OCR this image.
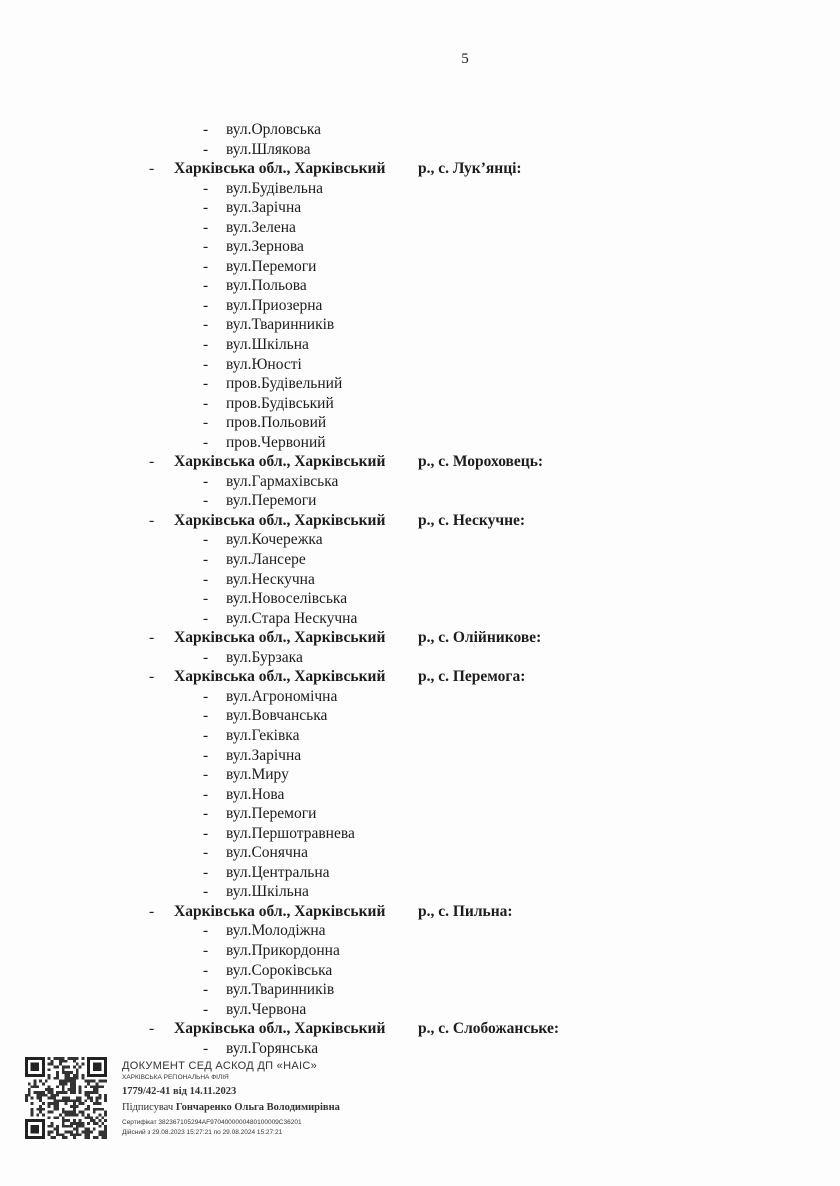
5
- вул.Орловська
- вул.Шлякова
- Харківська обл., Харківський р., с. Лук’янці:
- вул.Будівельна
- вул.Зарічна
- вул.Зелена
- вул.Зернова
- вул.Перемоги
- вул.Польова
- вул.Приозерна
- вул.Тваринників
- вул.Шкільна
- вул.Юності
- пров.Будівельний
- пров.Будівський
- пров.Польовий
- пров.Червоний
- Харківська обл., Харківський р., с. Мороховець:
- вул.Гармахівська
- вул.Перемоги
- Харківська обл., Харківський р., с. Нескучне:
- вул.Кочережка
- вул.Лансере
- вул.Нескучна
- вул.Новоселівська
- вул.Стара Нескучна
- Харківська обл., Харківський р., с. Олійникове:
- вул.Бурзака
- Харківська обл., Харківський р., с. Перемога:
- вул.Агрономічна
- вул.Вовчанська
- вул.Геківка
- вул.Зарічна
- вул.Миру
- вул.Нова
- вул.Перемоги
- вул.Першотравнева
- вул.Сонячна
- вул.Центральна
- вул.Шкільна
- Харківська обл., Харківський р., с. Пильна:
- вул.Молодіжна
- вул.Прикордонна
- вул.Сороківська
- вул.Тваринників
- вул.Червона
- Харківська обл., Харківський р., с. Слобожанське:
- вул.Горянська
ДОКУМЕНТ СЕД АСКОД ДП «НАІС»
ХАРКІВСЬКА РЕГІОНАЛЬНА ФІЛІЯ
1779/42-41 від 14.11.2023
Підписувач Гончаренко Ольга Володимирівна
Сертифікат 382367105294АF9704000000480100009C36201
Дійсний з 29.08.2023 15:27:21 по 29.08.2024 15:27:21
